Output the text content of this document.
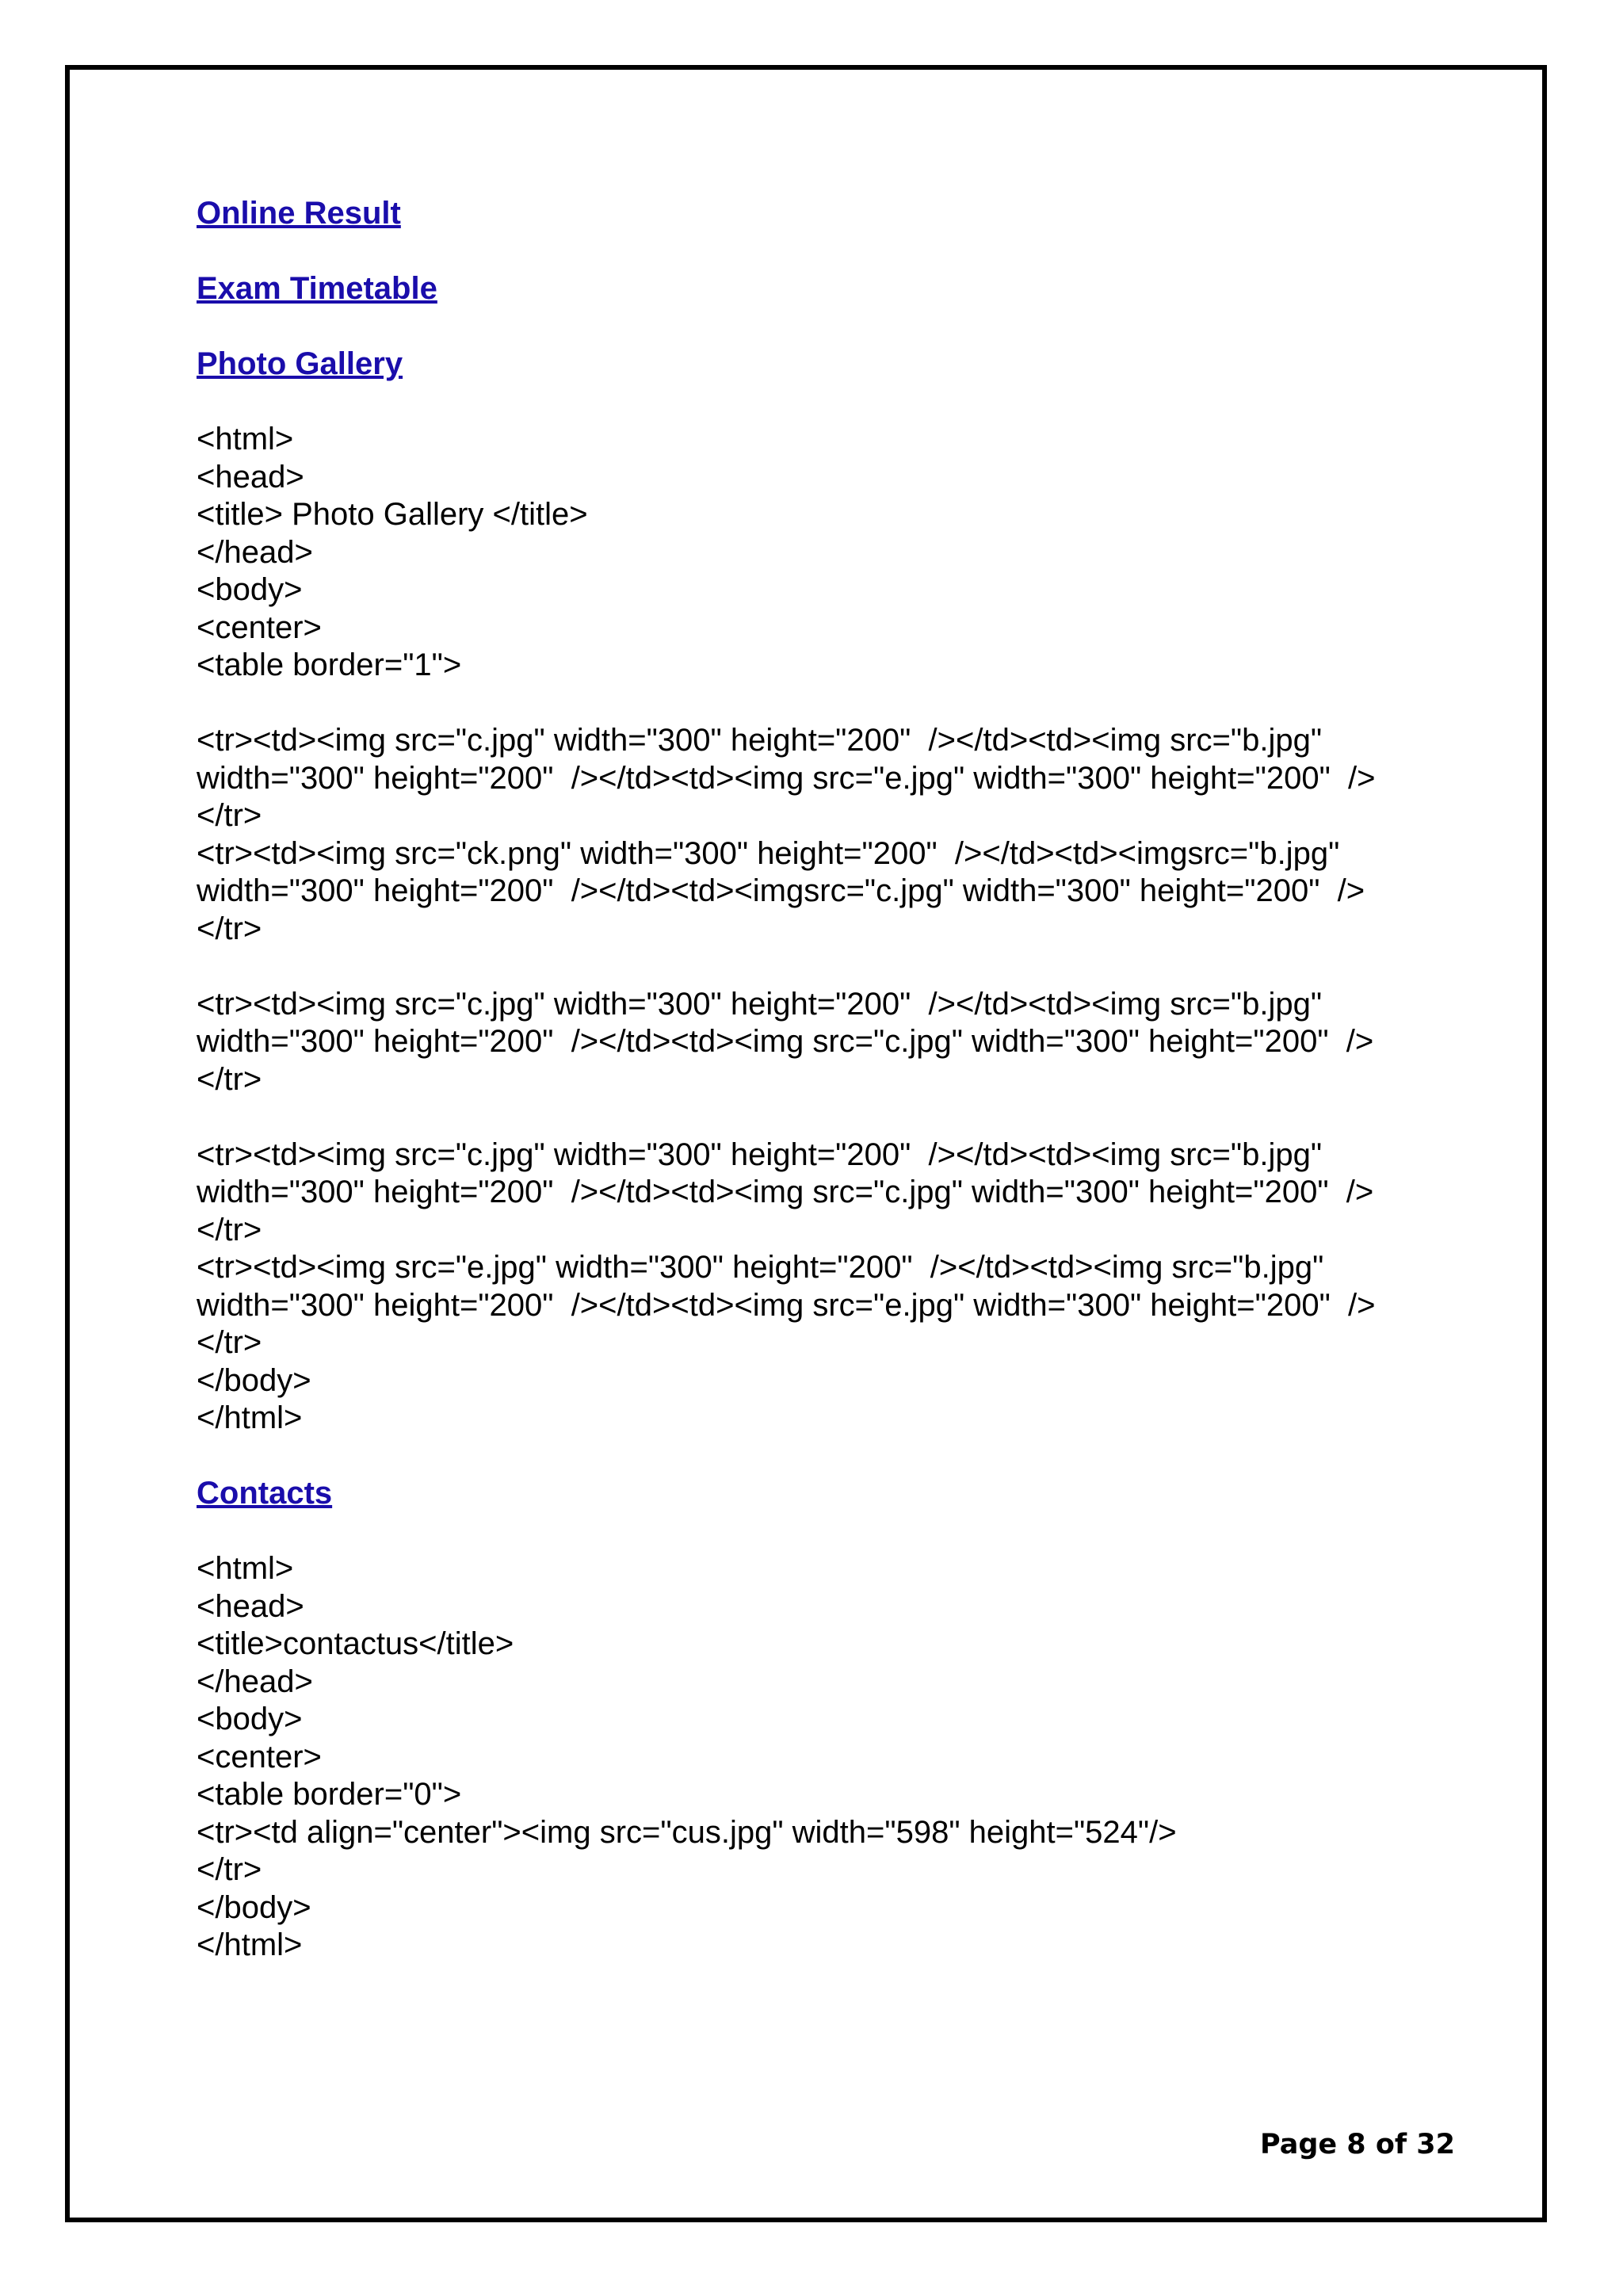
Online Result
Exam Timetable
Photo Gallery
<html>
<head>
<title> Photo Gallery </title>
</head>
<body>
<center>
<table border="1">
<tr><td><img src="c.jpg" width="300" height="200"  /></td><td><img src="b.jpg"
width="300" height="200"  /></td><td><img src="e.jpg" width="300" height="200"  />
</tr>
<tr><td><img src="ck.png" width="300" height="200"  /></td><td><imgsrc="b.jpg"
width="300" height="200"  /></td><td><imgsrc="c.jpg" width="300" height="200"  />
</tr>
<tr><td><img src="c.jpg" width="300" height="200"  /></td><td><img src="b.jpg"
width="300" height="200"  /></td><td><img src="c.jpg" width="300" height="200"  />
</tr>
<tr><td><img src="c.jpg" width="300" height="200"  /></td><td><img src="b.jpg"
width="300" height="200"  /></td><td><img src="c.jpg" width="300" height="200"  />
</tr>
<tr><td><img src="e.jpg" width="300" height="200"  /></td><td><img src="b.jpg"
width="300" height="200"  /></td><td><img src="e.jpg" width="300" height="200"  />
</tr>
</body>
</html>
Contacts
<html>
<head>
<title>contactus</title>
</head>
<body>
<center>
<table border="0">
<tr><td align="center"><img src="cus.jpg" width="598" height="524"/>
</tr>
</body>
</html>
Page 8 of 32
